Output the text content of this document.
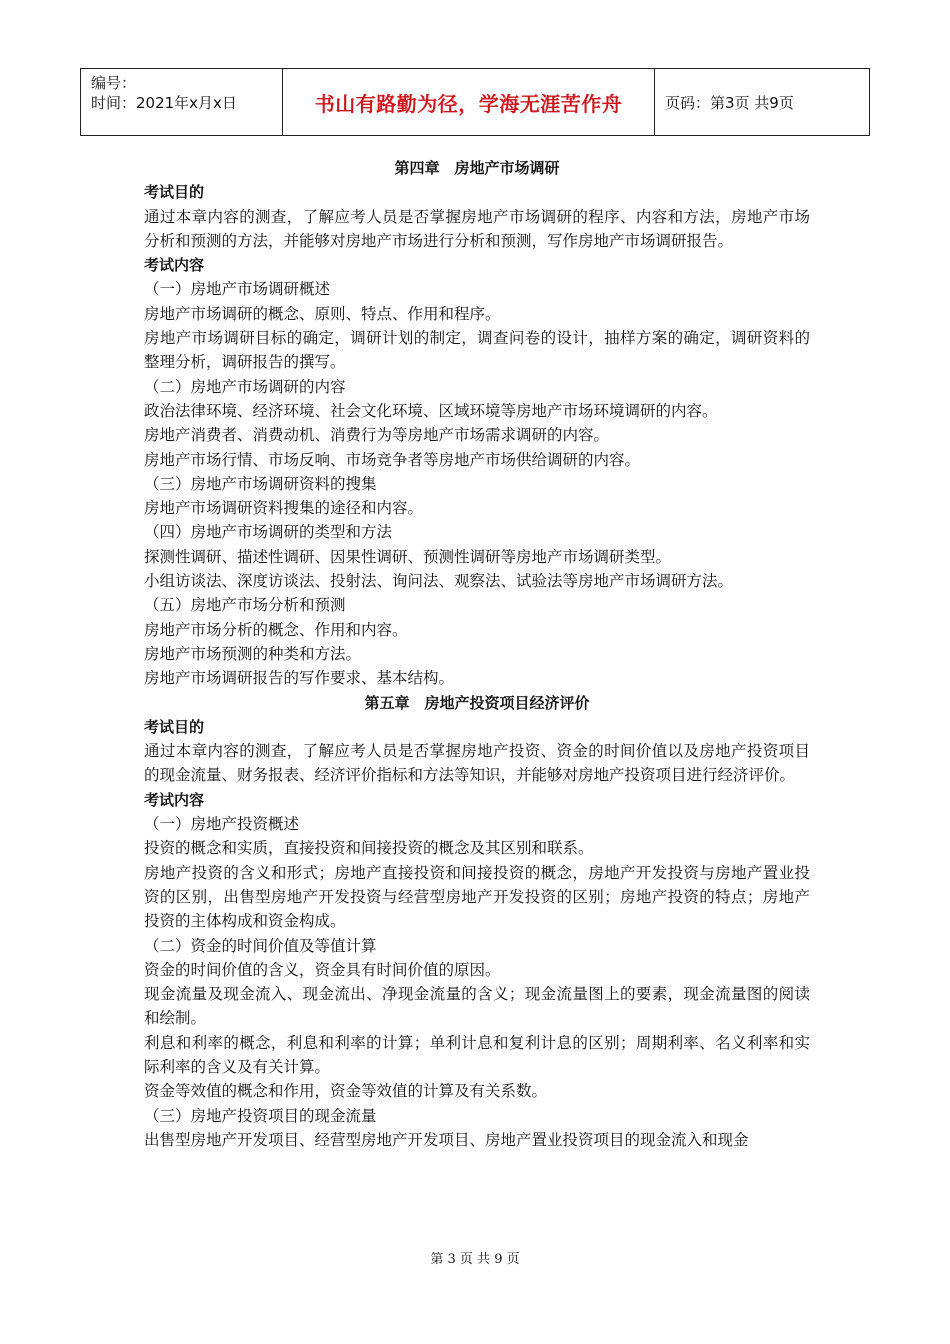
编号：
时间：2021年x月x日	书山有路勤为径，学海无涯苦作舟	页码：第3页 共9页
第四章　房地产市场调研
考试目的
通过本章内容的测查，了解应考人员是否掌握房地产市场调研的程序、内容和方法，房地产市场分析和预测的方法，并能够对房地产市场进行分析和预测，写作房地产市场调研报告。
考试内容
（一）房地产市场调研概述
房地产市场调研的概念、原则、特点、作用和程序。
房地产市场调研目标的确定，调研计划的制定，调查问卷的设计，抽样方案的确定，调研资料的整理分析，调研报告的撰写。
（二）房地产市场调研的内容
政治法律环境、经济环境、社会文化环境、区域环境等房地产市场环境调研的内容。
房地产消费者、消费动机、消费行为等房地产市场需求调研的内容。
房地产市场行情、市场反响、市场竞争者等房地产市场供给调研的内容。
（三）房地产市场调研资料的搜集
房地产市场调研资料搜集的途径和内容。
（四）房地产市场调研的类型和方法
探测性调研、描述性调研、因果性调研、预测性调研等房地产市场调研类型。
小组访谈法、深度访谈法、投射法、询问法、观察法、试验法等房地产市场调研方法。
（五）房地产市场分析和预测
房地产市场分析的概念、作用和内容。
房地产市场预测的种类和方法。
房地产市场调研报告的写作要求、基本结构。
第五章　房地产投资项目经济评价
考试目的
通过本章内容的测查，了解应考人员是否掌握房地产投资、资金的时间价值以及房地产投资项目的现金流量、财务报表、经济评价指标和方法等知识，并能够对房地产投资项目进行经济评价。
考试内容
（一）房地产投资概述
投资的概念和实质，直接投资和间接投资的概念及其区别和联系。
房地产投资的含义和形式；房地产直接投资和间接投资的概念，房地产开发投资与房地产置业投资的区别，出售型房地产开发投资与经营型房地产开发投资的区别；房地产投资的特点；房地产投资的主体构成和资金构成。
（二）资金的时间价值及等值计算
资金的时间价值的含义，资金具有时间价值的原因。
现金流量及现金流入、现金流出、净现金流量的含义；现金流量图上的要素，现金流量图的阅读和绘制。
利息和利率的概念，利息和利率的计算；单利计息和复利计息的区别；周期利率、名义利率和实际利率的含义及有关计算。
资金等效值的概念和作用，资金等效值的计算及有关系数。
（三）房地产投资项目的现金流量
出售型房地产开发项目、经营型房地产开发项目、房地产置业投资项目的现金流入和现金
第 3 页 共 9 页
